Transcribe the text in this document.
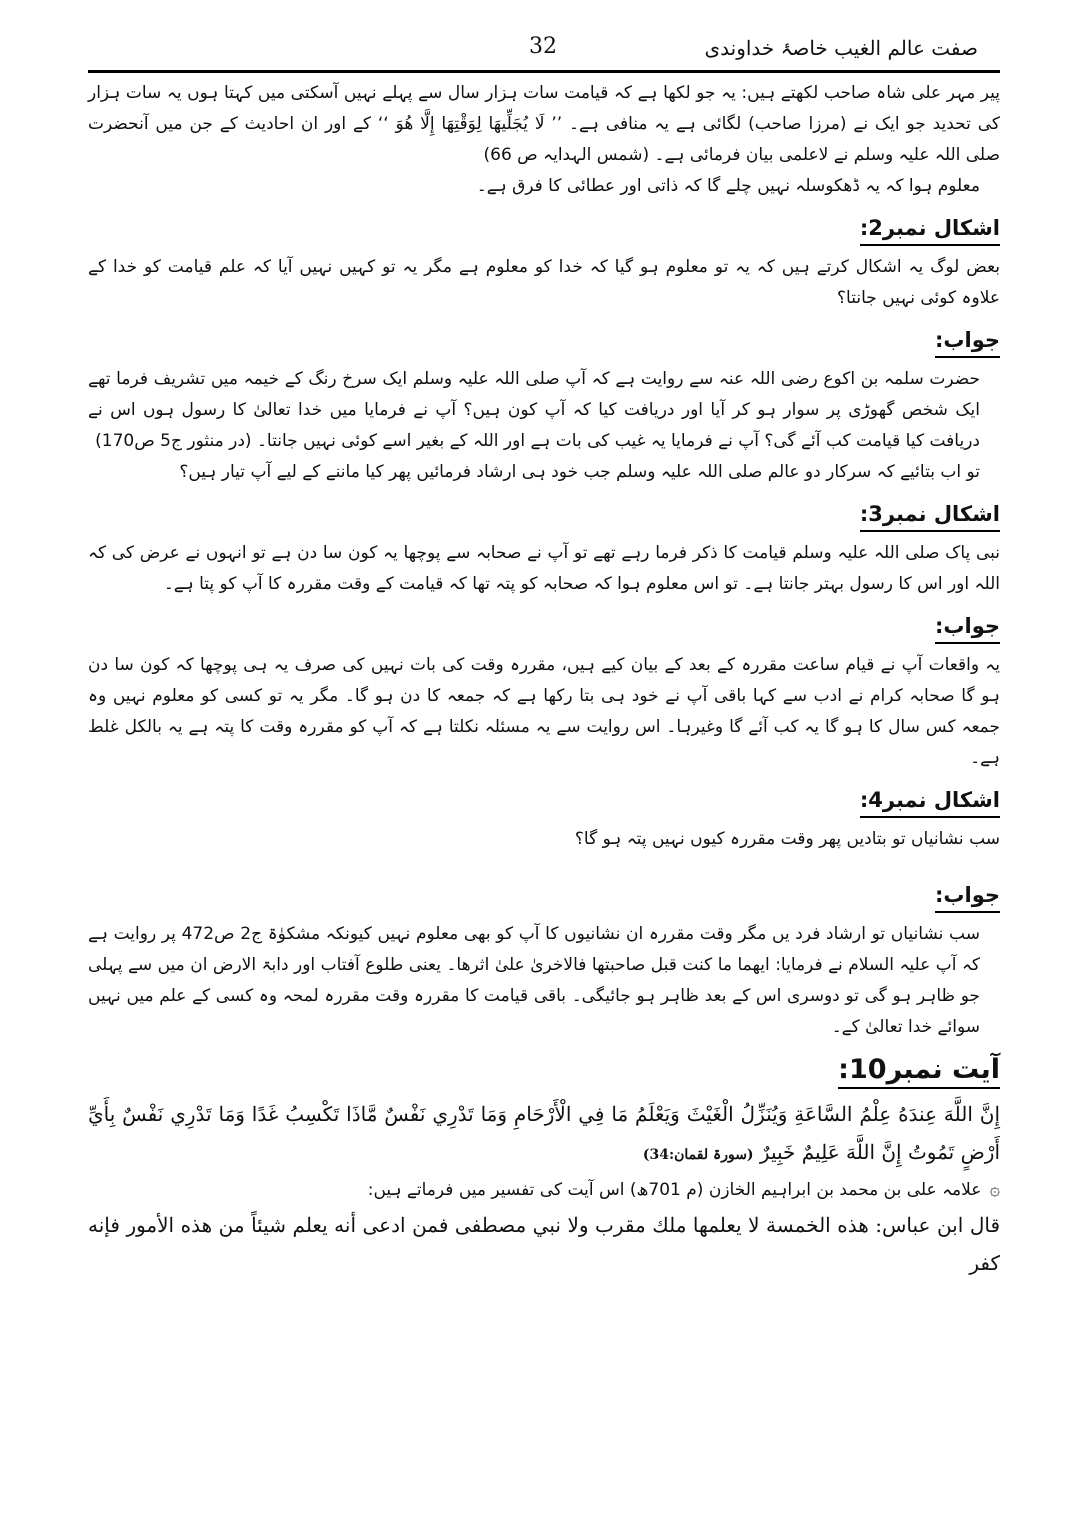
صفت عالم الغیب خاصۂ خداوندی
32

پیر مہر علی شاہ صاحب لکھتے ہیں: یہ جو لکھا ہے کہ قیامت سات ہزار سال سے پہلے نہیں آسکتی میں کہتا ہوں یہ سات ہزار کی تحدید جو ایک نے (مرزا صاحب) لگائی ہے یہ منافی ہے۔ ’’ لَا يُجَلِّيهَا لِوَقْتِهَا إِلَّا هُوَ ‘‘ کے اور ان احادیث کے جن میں آنحضرت صلی اللہ علیہ وسلم نے لاعلمی بیان فرمائی ہے۔ (شمس الہدایہ ص 66)

معلوم ہوا کہ یہ ڈھکوسلہ نہیں چلے گا کہ ذاتی اور عطائی کا فرق ہے۔

اشکال نمبر2:

بعض لوگ یہ اشکال کرتے ہیں کہ یہ تو معلوم ہو گیا کہ خدا کو معلوم ہے مگر یہ تو کہیں نہیں آیا کہ علم قیامت کو خدا کے علاوہ کوئی نہیں جانتا؟

جواب:

حضرت سلمہ بن اکوع رضی اللہ عنہ سے روایت ہے کہ آپ صلی اللہ علیہ وسلم ایک سرخ رنگ کے خیمہ میں تشریف فرما تھے ایک شخص گھوڑی پر سوار ہو کر آیا اور دریافت کیا کہ آپ کون ہیں؟ آپ نے فرمایا میں خدا تعالیٰ کا رسول ہوں اس نے دریافت کیا قیامت کب آئے گی؟ آپ نے فرمایا یہ غیب کی بات ہے اور اللہ کے بغیر اسے کوئی نہیں جانتا۔ (در منثور ج5 ص170)

تو اب بتائیے کہ سرکار دو عالم صلی اللہ علیہ وسلم جب خود ہی ارشاد فرمائیں پھر کیا ماننے کے لیے آپ تیار ہیں؟

اشکال نمبر3:

نبی پاک صلی اللہ علیہ وسلم قیامت کا ذکر فرما رہے تھے تو آپ نے صحابہ سے پوچھا یہ کون سا دن ہے تو انہوں نے عرض کی کہ اللہ اور اس کا رسول بہتر جانتا ہے۔ تو اس معلوم ہوا کہ صحابہ کو پتہ تھا کہ قیامت کے وقت مقررہ کا آپ کو پتا ہے۔

جواب:

یہ واقعات آپ نے قیام ساعت مقررہ کے بعد کے بیان کیے ہیں، مقررہ وقت کی بات نہیں کی صرف یہ ہی پوچھا کہ کون سا دن ہو گا صحابہ کرام نے ادب سے کہا باقی آپ نے خود ہی بتا رکھا ہے کہ جمعہ کا دن ہو گا۔ مگر یہ تو کسی کو معلوم نہیں وہ جمعہ کس سال کا ہو گا یہ کب آئے گا وغیرہا۔ اس روایت سے یہ مسئلہ نکلتا ہے کہ آپ کو مقررہ وقت کا پتہ ہے یہ بالکل غلط ہے۔

اشکال نمبر4:

سب نشانیاں تو بتادیں پھر وقت مقررہ کیوں نہیں پتہ ہو گا؟

جواب:

سب نشانیاں تو ارشاد فرد یں مگر وقت مقررہ ان نشانیوں کا آپ کو بھی معلوم نہیں کیونکہ مشکوٰۃ ج2 ص472 پر روایت ہے کہ آپ علیہ السلام نے فرمایا: ایهما ما کنت قبل صاحبتها فالاخریٰ علیٰ اثرها۔ یعنی طلوع آفتاب اور دابۃ الارض ان میں سے پہلی جو ظاہر ہو گی تو دوسری اس کے بعد ظاہر ہو جائیگی۔ باقی قیامت کا مقررہ وقت مقررہ لمحہ وہ کسی کے علم میں نہیں سوائے خدا تعالیٰ کے۔

آیت نمبر10:

إِنَّ اللَّهَ عِندَهُ عِلْمُ السَّاعَةِ وَيُنَزِّلُ الْغَيْثَ وَيَعْلَمُ مَا فِي الْأَرْحَامِ وَمَا تَدْرِي نَفْسٌ مَّاذَا تَكْسِبُ غَدًا وَمَا تَدْرِي نَفْسٌ بِأَيِّ أَرْضٍ تَمُوتُ إِنَّ اللَّهَ عَلِيمٌ خَبِيرٌ (سورۃ لقمان:34)

۞علامہ علی بن محمد بن ابراہیم الخازن (م 701ھ) اس آیت کی تفسیر میں فرماتے ہیں:

قال ابن عباس: هذه الخمسة لا يعلمها ملك مقرب ولا نبي مصطفى فمن ادعى أنه يعلم شيئاً من هذه الأمور فإنه كفر
